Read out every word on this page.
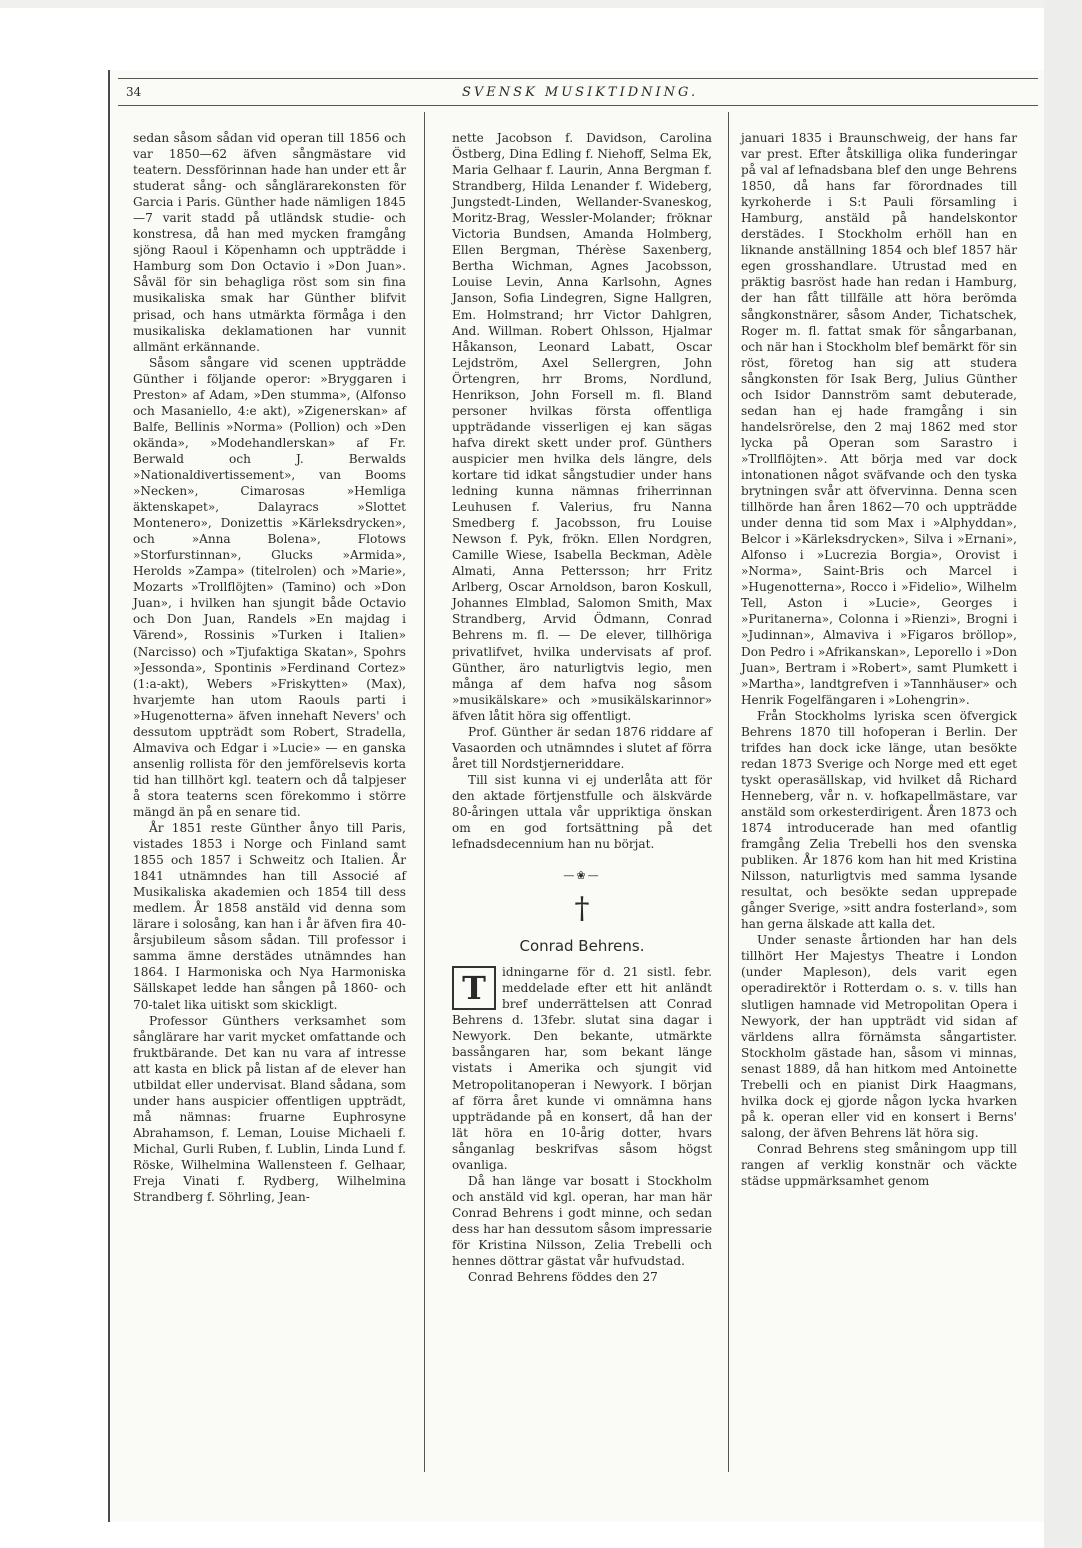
34	SVENSK MUSIKTIDNING.

sedan såsom sådan vid operan till 1856 och var 1850—62 äfven sångmästare vid teatern. Dessförinnan hade han under ett år studerat sång- och sånglärarekonsten för Garcia i Paris. Günther hade nämligen 1845—7 varit stadd på utländsk studie- och konstresa, då han med mycken framgång sjöng Raoul i Köpenhamn och uppträdde i Hamburg som Don Octavio i »Don Juan». Såväl för sin behagliga röst som sin fina musikaliska smak har Günther blifvit prisad, och hans utmärkta förmåga i den musikaliska deklamationen har vunnit allmänt erkännande.

Såsom sångare vid scenen uppträdde Günther i följande operor: »Bryggaren i Preston» af Adam, »Den stumma», (Alfonso och Masaniello, 4:e akt), »Zigenerskan» af Balfe, Bellinis »Norma» (Pollion) och »Den okända», »Modehandlerskan» af Fr. Berwald och J. Berwalds »Nationaldivertissement», van Booms »Necken», Cimarosas »Hemliga äktenskapet», Dalayracs »Slottet Montenero», Donizettis »Kärleksdrycken», och »Anna Bolena», Flotows »Storfurstinnan», Glucks »Armida», Herolds »Zampa» (titelrolen) och »Marie», Mozarts »Trollflöjten» (Tamino) och »Don Juan», i hvilken han sjungit både Octavio och Don Juan, Randels »En majdag i Värend», Rossinis »Turken i Italien» (Narcisso) och »Tjufaktiga Skatan», Spohrs »Jessonda», Spontinis »Ferdinand Cortez» (1:a-akt), Webers »Friskytten» (Max), hvarjemte han utom Raouls parti i »Hugenotterna» äfven innehaft Nevers' och dessutom uppträdt som Robert, Stradella, Almaviva och Edgar i »Lucie» — en ganska ansenlig rollista för den jemförelsevis korta tid han tillhört kgl. teatern och då talpjeser å stora teaterns scen förekommo i större mängd än på en senare tid.

År 1851 reste Günther ånyo till Paris, vistades 1853 i Norge och Finland samt 1855 och 1857 i Schweitz och Italien. År 1841 utnämndes han till Associé af Musikaliska akademien och 1854 till dess medlem. År 1858 anstäld vid denna som lärare i solosång, kan han i år äfven fira 40-årsjubileum såsom sådan. Till professor i samma ämne derstädes utnämndes han 1864. I Harmoniska och Nya Harmoniska Sällskapet ledde han sången på 1860- och 70-talet lika uitiskt som skickligt.

Professor Günthers verksamhet som sånglärare har varit mycket omfattande och fruktbärande. Det kan nu vara af intresse att kasta en blick på listan af de elever han utbildat eller undervisat. Bland sådana, som under hans auspicier offentligen uppträdt, må nämnas: fruarne Euphrosyne Abrahamson, f. Leman, Louise Michaeli f. Michal, Gurli Ruben, f. Lublin, Linda Lund f. Röske, Wilhelmina Wallensteen f. Gelhaar, Freja Vinati f. Rydberg, Wilhelmina Strandberg f. Söhrling, Jean-

nette Jacobson f. Davidson, Carolina Östberg, Dina Edling f. Niehoff, Selma Ek, Maria Gelhaar f. Laurin, Anna Bergman f. Strandberg, Hilda Lenander f. Wideberg, Jungstedt-Linden, Wellander-Svaneskog, Moritz-Brag, Wessler-Molander; fröknar Victoria Bundsen, Amanda Holmberg, Ellen Bergman, Thérèse Saxenberg, Bertha Wichman, Agnes Jacobsson, Louise Levin, Anna Karlsohn, Agnes Janson, Sofia Lindegren, Signe Hallgren, Em. Holmstrand; hrr Victor Dahlgren, And. Willman. Robert Ohlsson, Hjalmar Håkanson, Leonard Labatt, Oscar Lejdström, Axel Sellergren, John Örtengren, hrr Broms, Nordlund, Henrikson, John Forsell m. fl. Bland personer hvilkas första offentliga uppträdande visserligen ej kan sägas hafva direkt skett under prof. Günthers auspicier men hvilka dels längre, dels kortare tid idkat sångstudier under hans ledning kunna nämnas friherrinnan Leuhusen f. Valerius, fru Nanna Smedberg f. Jacobsson, fru Louise Newson f. Pyk, frökn. Ellen Nordgren, Camille Wiese, Isabella Beckman, Adèle Almati, Anna Pettersson; hrr Fritz Arlberg, Oscar Arnoldson, baron Koskull, Johannes Elmblad, Salomon Smith, Max Strandberg, Arvid Ödmann, Conrad Behrens m. fl. — De elever, tillhöriga privatlifvet, hvilka undervisats af prof. Günther, äro naturligtvis legio, men många af dem hafva nog såsom »musikälskare» och »musikälskarinnor» äfven låtit höra sig offentligt.

Prof. Günther är sedan 1876 riddare af Vasaorden och utnämndes i slutet af förra året till Nordstjerneriddare.

Till sist kunna vi ej underlåta att för den aktade förtjenstfulle och älskvärde 80-åringen uttala vår uppriktiga önskan om en god fortsättning på det lefnadsdecennium han nu börjat.

—❀—
†
Conrad Behrens.

T	idningarne för d. 21 sistl. febr. meddelade efter ett hit anländt bref underrättelsen att Conrad Behrens d. 13febr. slutat sina dagar i Newyork. Den bekante, utmärkte bassångaren har, som bekant länge vistats i Amerika och sjungit vid Metropolitanoperan i Newyork. I början af förra året kunde vi omnämna hans uppträdande på en konsert, då han der lät höra en 10-årig dotter, hvars sånganlag beskrifvas såsom högst ovanliga.

Då han länge var bosatt i Stockholm och anstäld vid kgl. operan, har man här Conrad Behrens i godt minne, och sedan dess har han dessutom såsom impressarie för Kristina Nilsson, Zelia Trebelli och hennes döttrar gästat vår hufvudstad.

Conrad Behrens föddes den 27

januari 1835 i Braunschweig, der hans far var prest. Efter åtskilliga olika funderingar på val af lefnadsbana blef den unge Behrens 1850, då hans far förordnades till kyrkoherde i S:t Pauli församling i Hamburg, anstäld på handelskontor derstädes. I Stockholm erhöll han en liknande anställning 1854 och blef 1857 här egen grosshandlare. Utrustad med en präktig basröst hade han redan i Hamburg, der han fått tillfälle att höra berömda sångkonstnärer, såsom Ander, Tichatschek, Roger m. fl. fattat smak för sångarbanan, och när han i Stockholm blef bemärkt för sin röst, företog han sig att studera sångkonsten för Isak Berg, Julius Günther och Isidor Dannström samt debuterade, sedan han ej hade framgång i sin handelsrörelse, den 2 maj 1862 med stor lycka på Operan som Sarastro i »Trollflöjten». Att börja med var dock intonationen något sväfvande och den tyska brytningen svår att öfvervinna. Denna scen tillhörde han åren 1862—70 och uppträdde under denna tid som Max i »Alphyddan», Belcor i »Kärleksdrycken», Silva i »Ernani», Alfonso i »Lucrezia Borgia», Orovist i »Norma», Saint-Bris och Marcel i »Hugenotterna», Rocco i »Fidelio», Wilhelm Tell, Aston i »Lucie», Georges i »Puritanerna», Colonna i »Rienzi», Brogni i »Judinnan», Almaviva i »Figaros bröllop», Don Pedro i »Afrikanskan», Leporello i »Don Juan», Bertram i »Robert», samt Plumkett i »Martha», landtgrefven i »Tannhäuser» och Henrik Fogelfängaren i »Lohengrin».

Från Stockholms lyriska scen öfvergick Behrens 1870 till hofoperan i Berlin. Der trifdes han dock icke länge, utan besökte redan 1873 Sverige och Norge med ett eget tyskt operasällskap, vid hvilket då Richard Henneberg, vår n. v. hofkapellmästare, var anstäld som orkesterdirigent. Åren 1873 och 1874 introducerade han med ofantlig framgång Zelia Trebelli hos den svenska publiken. År 1876 kom han hit med Kristina Nilsson, naturligtvis med samma lysande resultat, och besökte sedan upprepade gånger Sverige, »sitt andra fosterland», som han gerna älskade att kalla det.

Under senaste årtionden har han dels tillhört Her Majestys Theatre i London (under Mapleson), dels varit egen operadirektör i Rotterdam o. s. v. tills han slutligen hamnade vid Metropolitan Opera i Newyork, der han uppträdt vid sidan af världens allra förnämsta sångartister. Stockholm gästade han, såsom vi minnas, senast 1889, då han hitkom med Antoinette Trebelli och en pianist Dirk Haagmans, hvilka dock ej gjorde någon lycka hvarken på k. operan eller vid en konsert i Berns' salong, der äfven Behrens lät höra sig.

Conrad Behrens steg småningom upp till rangen af verklig konstnär och väckte städse uppmärksamhet genom
